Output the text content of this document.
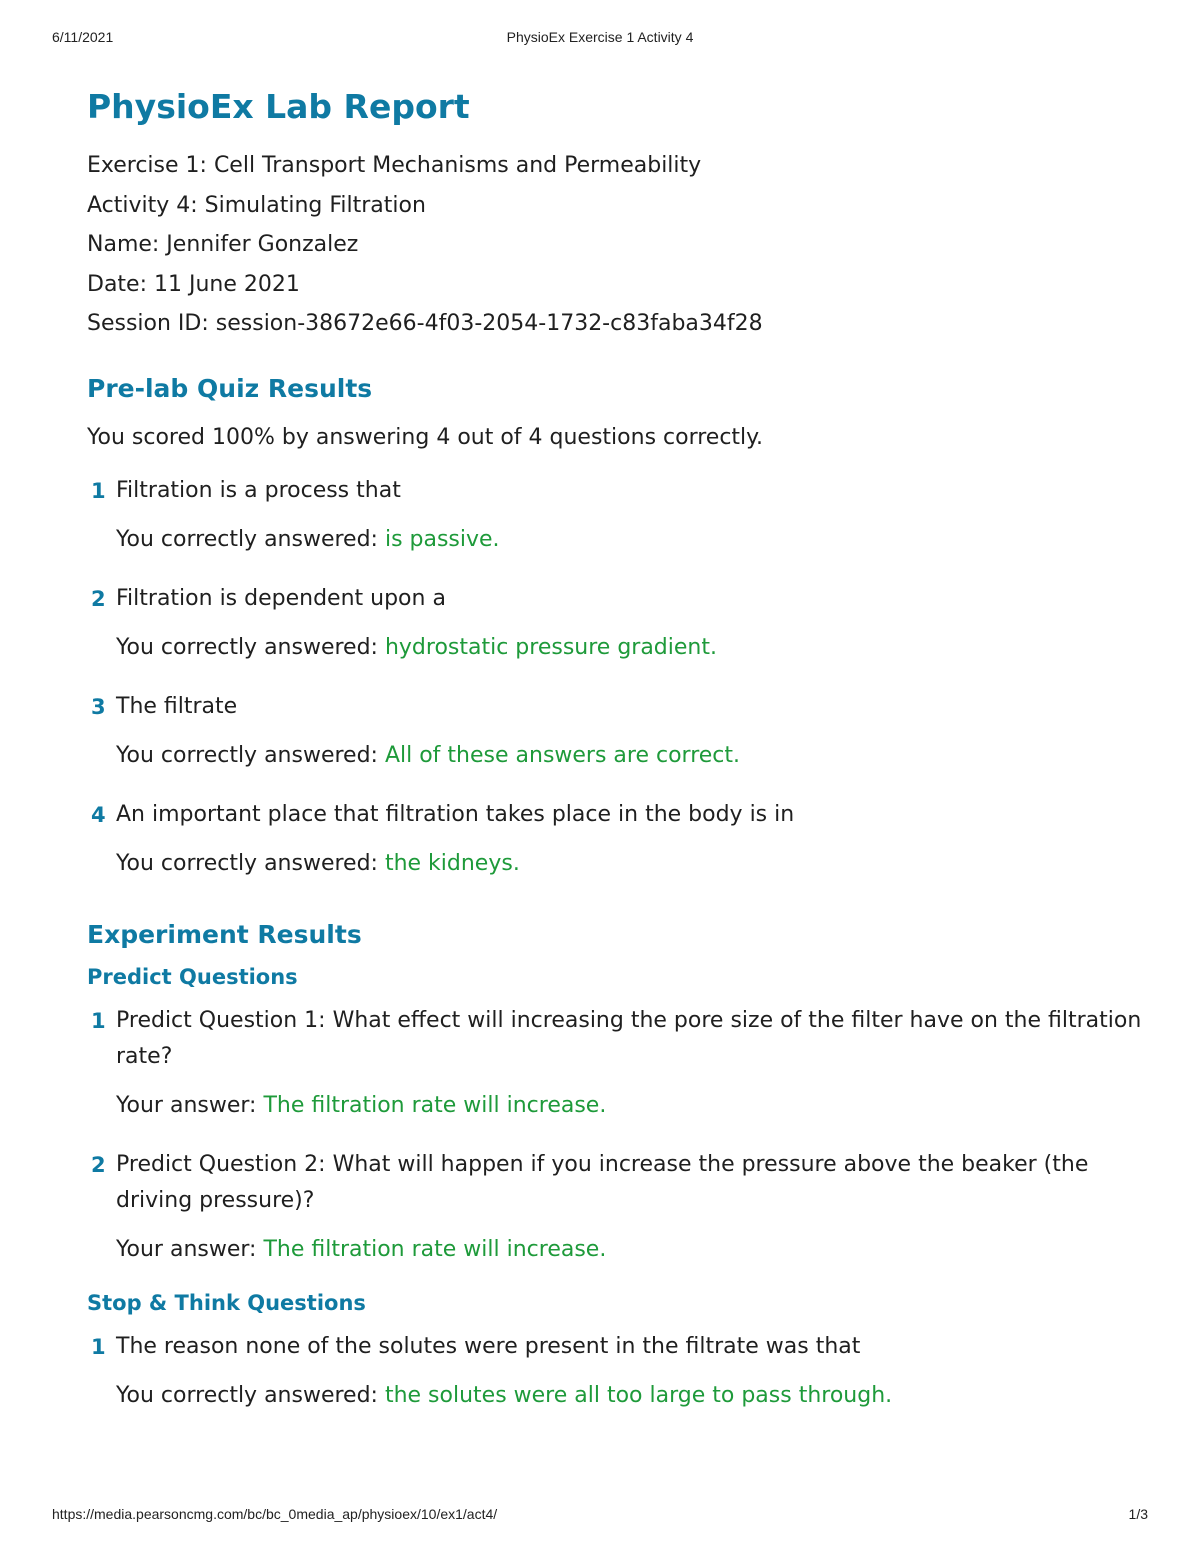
6/11/2021	PhysioEx Exercise 1 Activity 4
PhysioEx Lab Report
Exercise 1: Cell Transport Mechanisms and Permeability
Activity 4: Simulating Filtration
Name: Jennifer Gonzalez
Date: 11 June 2021
Session ID: session-38672e66-4f03-2054-1732-c83faba34f28
Pre-lab Quiz Results
You scored 100% by answering 4 out of 4 questions correctly.
1 Filtration is a process that
You correctly answered: is passive.
2 Filtration is dependent upon a
You correctly answered: hydrostatic pressure gradient.
3 The filtrate
You correctly answered: All of these answers are correct.
4 An important place that filtration takes place in the body is in
You correctly answered: the kidneys.
Experiment Results
Predict Questions
1 Predict Question 1: What effect will increasing the pore size of the filter have on the filtration rate?
Your answer: The filtration rate will increase.
2 Predict Question 2: What will happen if you increase the pressure above the beaker (the driving pressure)?
Your answer: The filtration rate will increase.
Stop & Think Questions
1 The reason none of the solutes were present in the filtrate was that
You correctly answered: the solutes were all too large to pass through.
https://media.pearsoncmg.com/bc/bc_0media_ap/physioex/10/ex1/act4/	1/3
